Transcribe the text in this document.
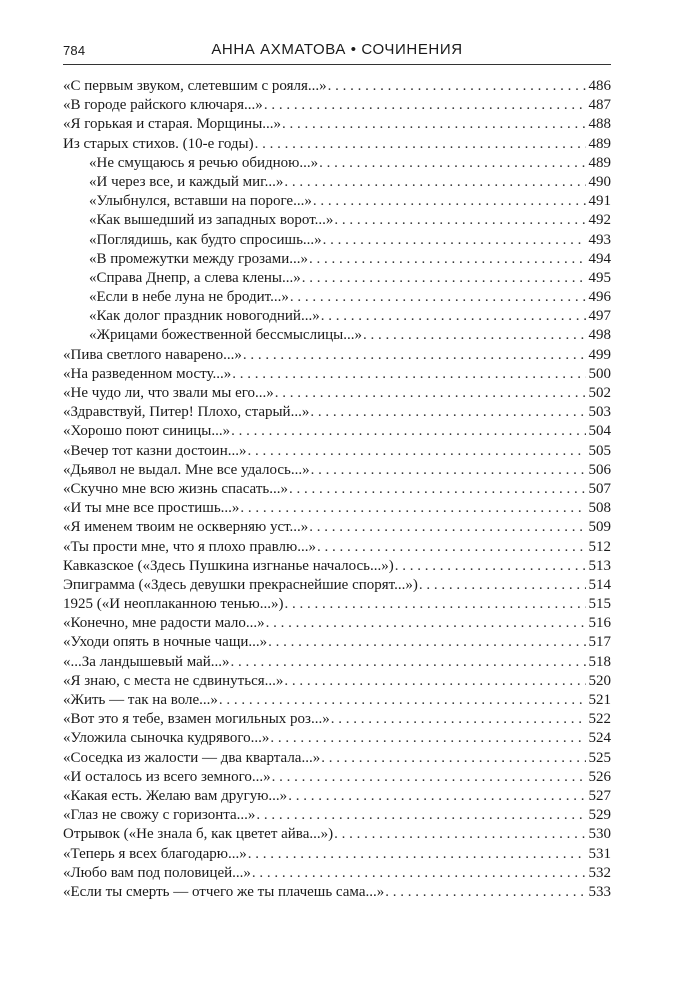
784	АННА АХМАТОВА • СОЧИНЕНИЯ
«С первым звуком, слетевшим с рояля...» . . .	486
«В городе райского ключаря...» . . .	487
«Я горькая и старая. Морщины...» . . .	488
Из старых стихов. (10-е годы) . . .	489
«Не смущаюсь я речью обидною...» . . .	489
«И через все, и каждый миг...» . . .	490
«Улыбнулся, вставши на пороге...» . . .	491
«Как вышедший из западных ворот...» . . .	492
«Поглядишь, как будто спросишь...» . . .	493
«В промежутки между грозами...» . . .	494
«Справа Днепр, а слева клены...» . . .	495
«Если в небе луна не бродит...» . . .	496
«Как долог праздник новогодний...» . . .	497
«Жрицами божественной бессмыслицы...» . . .	498
«Пива светлого наварено...» . . .	499
«На разведенном мосту...» . . .	500
«Не чудо ли, что звали мы его...» . . .	502
«Здравствуй, Питер! Плохо, старый...» . . .	503
«Хорошо поют синицы...» . . .	504
«Вечер тот казни достоин...» . . .	505
«Дьявол не выдал. Мне все удалось...» . . .	506
«Скучно мне всю жизнь спасать...» . . .	507
«И ты мне все простишь...» . . .	508
«Я именем твоим не оскверняю уст...» . . .	509
«Ты прости мне, что я плохо правлю...» . . .	512
Кавказское («Здесь Пушкина изгнанье началось...») . . .	513
Эпиграмма («Здесь девушки прекраснейшие спорят...») . . .	514
1925 («И неоплаканною тенью...») . . .	515
«Конечно, мне радости мало...» . . .	516
«Уходи опять в ночные чащи...» . . .	517
«...За ландышевый май...» . . .	518
«Я знаю, с места не сдвинуться...» . . .	520
«Жить — так на воле...» . . .	521
«Вот это я тебе, взамен могильных роз...» . . .	522
«Уложила сыночка кудрявого...» . . .	524
«Соседка из жалости — два квартала...» . . .	525
«И осталось из всего земного...» . . .	526
«Какая есть. Желаю вам другую...» . . .	527
«Глаз не свожу с горизонта...» . . .	529
Отрывок («Не знала б, как цветет айва...») . . .	530
«Теперь я всех благодарю...» . . .	531
«Любо вам под половицей...» . . .	532
«Если ты смерть — отчего же ты плачешь сама...» . . .	533
